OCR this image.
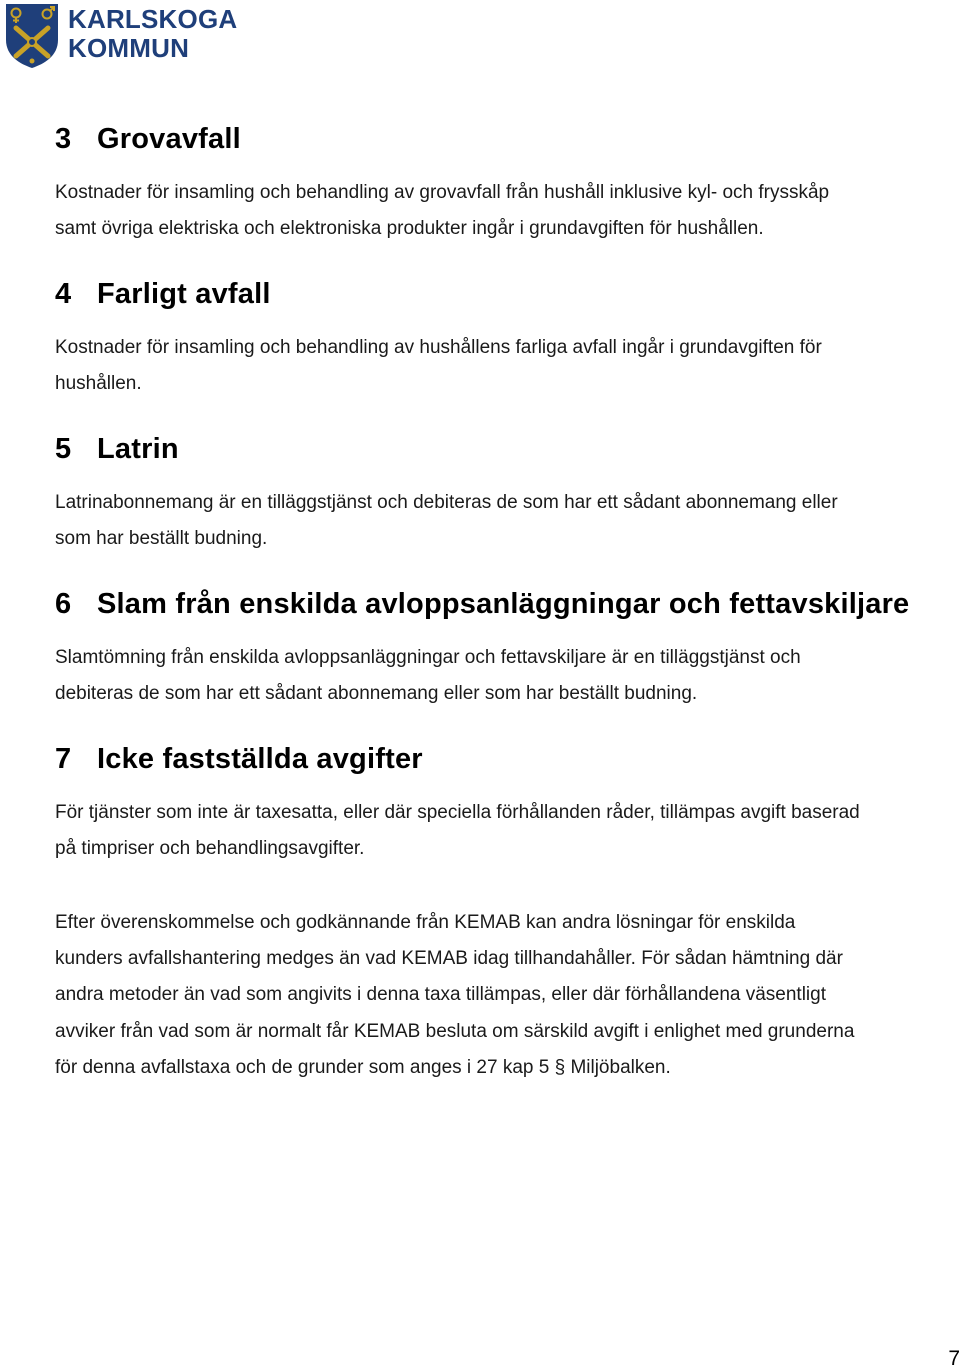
KARLSKOGA
KOMMUN
3 Grovavfall

Kostnader för insamling och behandling av grovavfall från hushåll inklusive kyl- och frysskåp

samt övriga elektriska och elektroniska produkter ingår i grundavgiften för hushållen.

4 Farligt avfall

Kostnader för insamling och behandling av hushållens farliga avfall ingår i grundavgiften för

hushållen.

5 Latrin

Latrinabonnemang är en tilläggstjänst och debiteras de som har ett sådant abonnemang eller

som har beställt budning.

6 Slam från enskilda avloppsanläggningar och fettavskiljare

Slamtömning från enskilda avloppsanläggningar och fettavskiljare är en tilläggstjänst och

debiteras de som har ett sådant abonnemang eller som har beställt budning.

7 Icke fastställda avgifter

För tjänster som inte är taxesatta, eller där speciella förhållanden råder, tillämpas avgift baserad

på timpriser och behandlingsavgifter.

Efter överenskommelse och godkännande från KEMAB kan andra lösningar för enskilda

kunders avfallshantering medges än vad KEMAB idag tillhandahåller. För sådan hämtning där

andra metoder än vad som angivits i denna taxa tillämpas, eller där förhållandena väsentligt

avviker från vad som är normalt får KEMAB besluta om särskild avgift i enlighet med grunderna

för denna avfallstaxa och de grunder som anges i 27 kap 5 § Miljöbalken.

7
